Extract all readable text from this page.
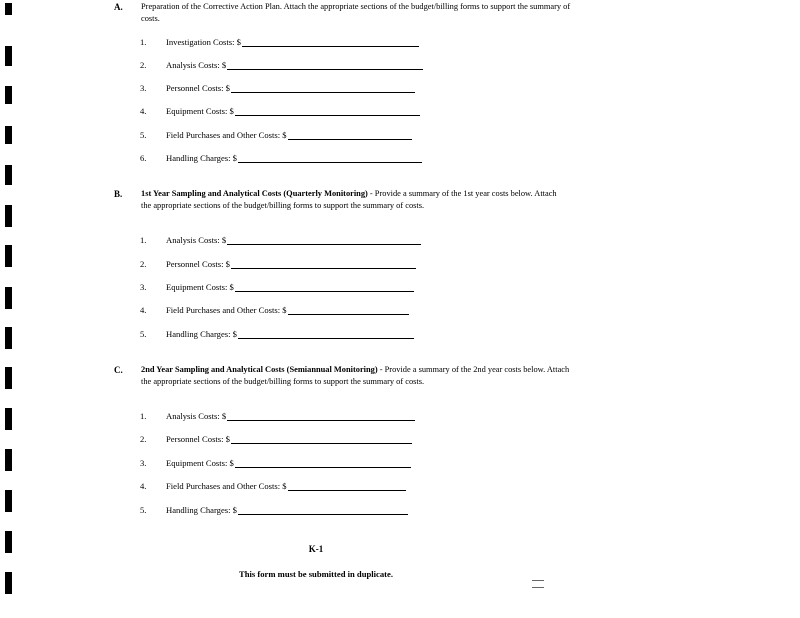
A. Preparation of the Corrective Action Plan. Attach the appropriate sections of the budget/billing forms to support the summary of costs.
1.	Investigation Costs: $
2.	Analysis Costs: $
3.	Personnel Costs: $
4.	Equipment Costs: $
5.	Field Purchases and Other Costs: $
6.	Handling Charges: $
B. 1st Year Sampling and Analytical Costs (Quarterly Monitoring) - Provide a summary of the 1st year costs below. Attach the appropriate sections of the budget/billing forms to support the summary of costs.
1.	Analysis Costs: $
2.	Personnel Costs: $
3.	Equipment Costs: $
4.	Field Purchases and Other Costs: $
5.	Handling Charges: $
C. 2nd Year Sampling and Analytical Costs (Semiannual Monitoring) - Provide a summary of the 2nd year costs below. Attach the appropriate sections of the budget/billing forms to support the summary of costs.
1.	Analysis Costs: $
2.	Personnel Costs: $
3.	Equipment Costs: $
4.	Field Purchases and Other Costs: $
5.	Handling Charges: $
K-1
This form must be submitted in duplicate.
